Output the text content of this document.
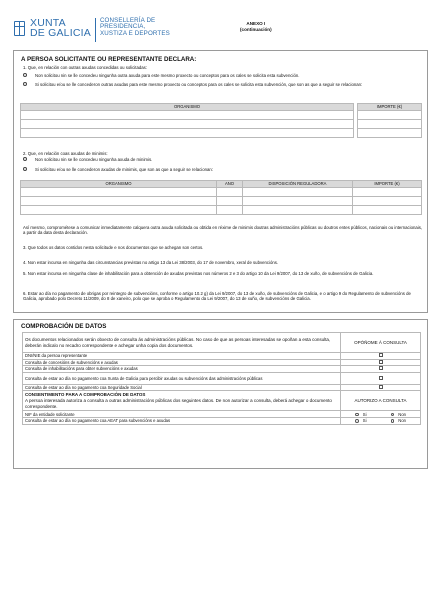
XUNTA
DE GALICIA
CONSELLERÍA DE
PRESIDENCIA,
XUSTIZA E DEPORTES
ANEXO I
(continuación)
A PERSOA SOLICITANTE OU REPRESENTANTE DECLARA:
1. Que, en relación con outras axudas concedidas ou solicitadas:
Non solicitou nin se lle concedeu ningunha outra axuda para este mesmo proxecto ou conceptos para os cales se solicita esta subvención.
Si solicitou e/ou se lle concederon outras axudas para este mesmo proxecto ou conceptos para os cales se solicita esta subvención, que son as que a seguir se relacionan:
ORGANISMO		IMPORTE (€)

2. Que, en relación coas axudas de minimis:
Non solicitou nin se lle concedeu ningunha axuda de minimis.
Si solicitou e/ou se lle concederon axudas de minimis, que son as que a seguir se relacionan:
ORGANISMO	ANO	DISPOSICIÓN REGULADORA	IMPORTE (€)

Así mesmo, comprométese a comunicar inmediatamente calquera outra axuda solicitada ou obtida en réxime de minimis doutras administracións públicas ou doutros entes públicos, nacionais ou internacionais, a partir da data desta declaración.
3. Que todos os datos contidos nesta solicitude e nos documentos que se achegan son certos.
4. Non estar incursa en ningunha das circunstancias previstas no artigo 13 da Lei 38/2003, do 17 de novembro, xeral de subvencións.
5. Non estar incursa en ningunha clase de inhabilitación para a obtención de axudas previstas nos números 2 e 3 do artigo 10 da Lei 9/2007, do 13 de xuño, de subvencións de Galicia.
6. Estar ao día no pagamento de obrigas por reintegro de subvencións, conforme o artigo 10.2 g) da Lei 9/2007, do 13 de xuño, de subvencións de Galicia, e o artigo 9 do Regulamento de subvencións de Galicia, aprobado polo Decreto 11/2009, do 8 de xaneiro, polo que se aproba o Regulamento da Lei 9/2007, do 13 de xuño, de subvencións de Galicia.
COMPROBACIÓN DE DATOS
Os documentos relacionados serán obxecto de consulta ás administracións públicas. No caso de que as persoas interesadas se opoñan a esta consulta, deberán indicalo no recadro correspondente e achegar unha copia dos documentos.	OPÓÑOME Á CONSULTA
DNI/NIE da persoa representante	
Consulta de concesións de subvencións e axudas	
Consulta de inhabilitacións para obter subvencións e axudas	
Consulta de estar ao día no pagamento coa Xunta de Galicia para percibir axudas ou subvencións das administracións públicas	
Consulta de estar ao día no pagamento coa Seguridade Social	

CONSENTIMENTO PARA A COMPROBACIÓN DE DATOS
A persoa interesada autoriza a consulta a outras administracións públicas dos seguintes datos. De non autorizar a consulta, deberá achegar o documento correspondente.	AUTORIZO A CONSULTA
NIF da entidade solicitante	Si Non

Consulta de estar ao día no pagamento coa AEAT para subvencións e axudas	Si Non
